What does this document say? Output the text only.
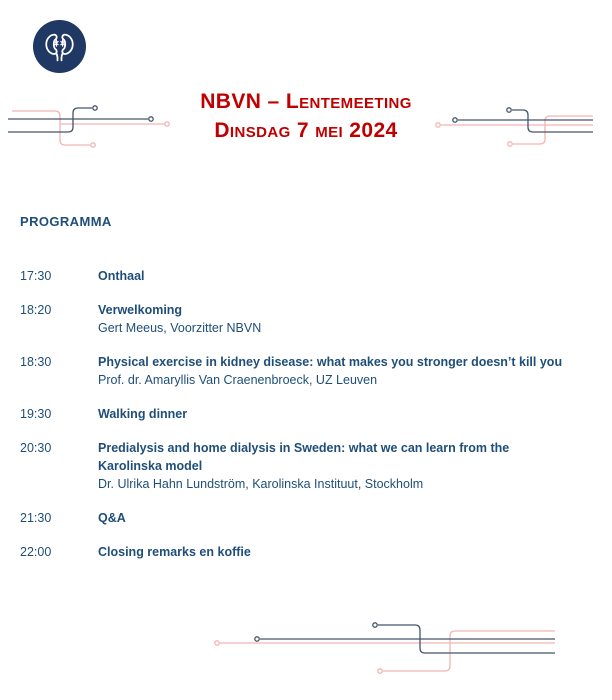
NBVN – Lentemeeting
Dinsdag 7 mei 2024
PROGRAMMA
17:30	Onthaal
18:20	Verwelkoming
Gert Meeus, Voorzitter NBVN
18:30	Physical exercise in kidney disease: what makes you stronger doesn’t kill you
Prof. dr. Amaryllis Van Craenenbroeck, UZ Leuven
19:30	Walking dinner
20:30	Predialysis and home dialysis in Sweden: what we can learn from the
Karolinska model
Dr. Ulrika Hahn Lundström, Karolinska Instituut, Stockholm
21:30	Q&A
22:00	Closing remarks en koffie
